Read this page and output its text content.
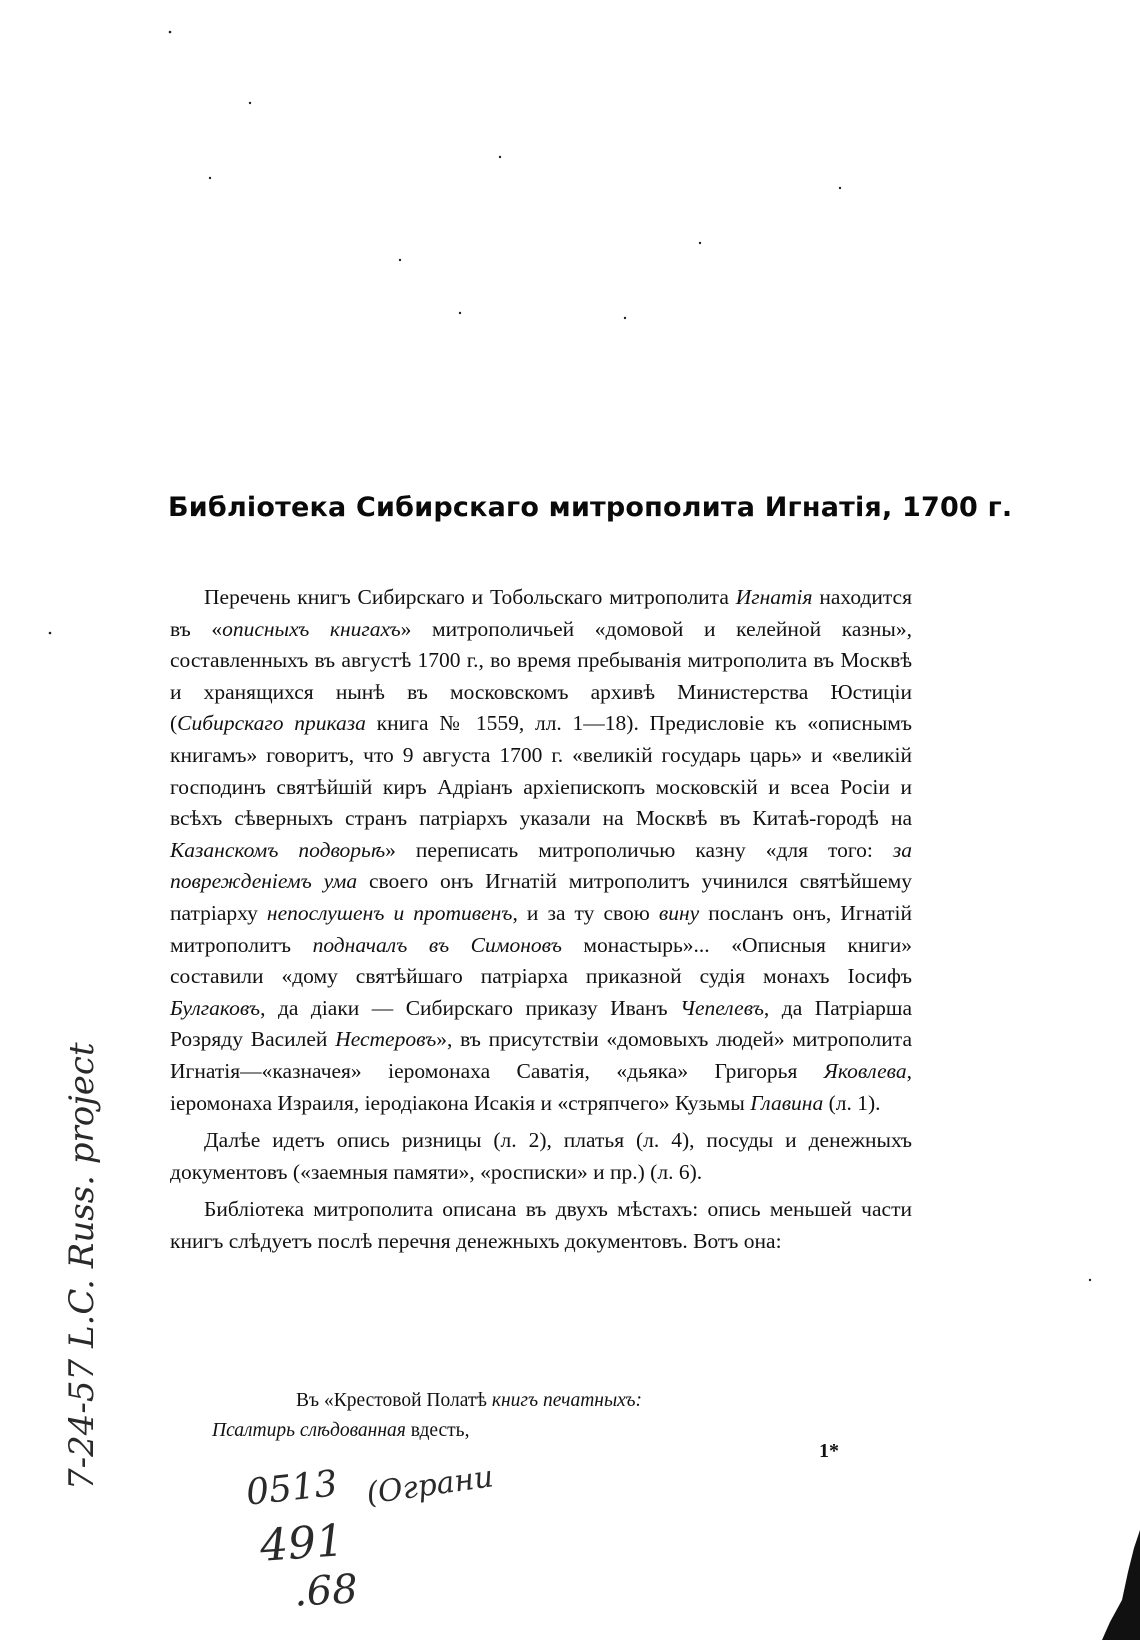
Библіотека Сибирскаго митрополита Игнатія, 1700 г.

Перечень книгъ Сибирскаго и Тобольскаго митрополита Игнатія находится въ «описныхъ книгахъ» митрополичьей «домовой и келейной казны», составленныхъ въ августѣ 1700 г., во время пребыванія митрополита въ Москвѣ и хранящихся нынѣ въ московскомъ архивѣ Министерства Юстиціи (Сибирскаго приказа книга № 1559, лл. 1—18). Предисловіе къ «описнымъ книгамъ» говоритъ, что 9 августа 1700 г. «великій государь царь» и «великій господинъ святѣйшій киръ Адріанъ архіепископъ московскій и всеа Росіи и всѣхъ сѣверныхъ странъ патріархъ указали на Москвѣ въ Китаѣ-городѣ на Казанскомъ подворьѣ» переписать митрополичью казну «для того: за поврежденіемъ ума своего онъ Игнатій митрополитъ учинился святѣйшему патріарху непослушенъ и противенъ, и за ту свою вину посланъ онъ, Игнатій митрополитъ подначалъ въ Симоновъ монастырь»... «Описныя книги» составили «дому святѣйшаго патріарха приказной судія монахъ Іосифъ Булгаковъ, да діаки — Сибирскаго приказу Иванъ Чепелевъ, да Патріарша Розряду Василей Нестеровъ», въ присутствіи «домовыхъ людей» митрополита Игнатія—«казначея» іеромонаха Саватія, «дьяка» Григорья Яковлева, іеромонаха Израиля, іеродіакона Исакія и «стряпчего» Кузьмы Главина (л. 1).

Далѣе идетъ опись ризницы (л. 2), платья (л. 4), посуды и денежныхъ документовъ («заемныя памяти», «росписки» и пр.) (л. 6).

Библіотека митрополита описана въ двухъ мѣстахъ: опись меньшей части книгъ слѣдуетъ послѣ перечня денежныхъ документовъ. Вотъ она:

Въ «Крестовой Полатѣ книгъ печатныхъ:
Псалтирь слѣдованная вдесть,
1*
7-24-57 L.C. Russ. project	0513
491
.68
(Ограни
